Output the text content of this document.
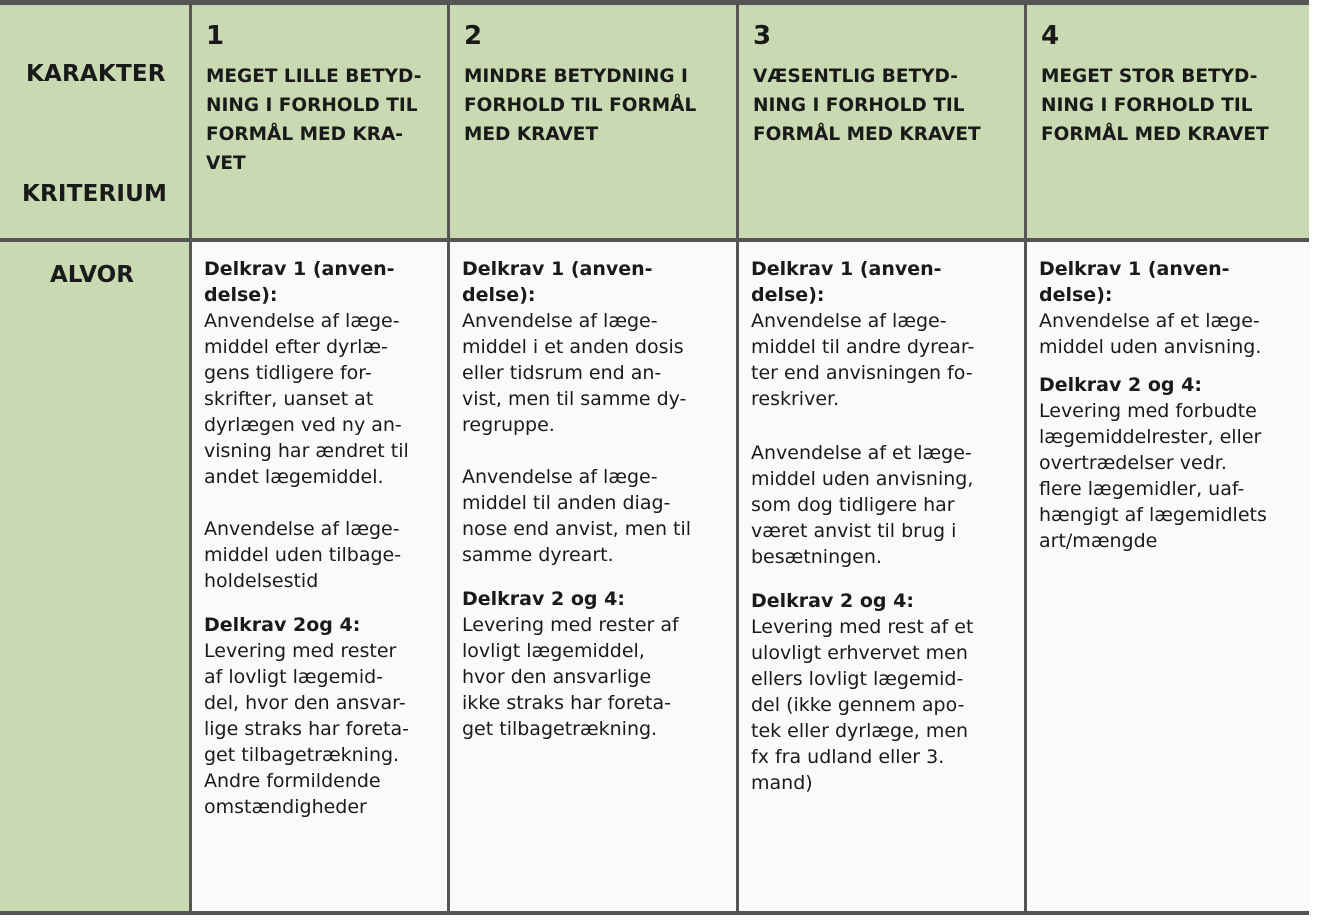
KARAKTER
KRITERIUM
1
MEGET LILLE BETYD-
NING I FORHOLD TIL
FORMÅL MED KRA-
VET
2
MINDRE BETYDNING I
FORHOLD TIL FORMÅL
MED KRAVET
3
VÆSENTLIG BETYD-
NING I FORHOLD TIL
FORMÅL MED KRAVET
4
MEGET STOR BETYD-
NING I FORHOLD TIL
FORMÅL MED KRAVET
ALVOR	Delkrav 1 (anven-
delse):
Anvendelse af læge-
middel efter dyrlæ-
gens tidligere for-
skrifter, uanset at
dyrlægen ved ny an-
visning har ændret til
andet lægemiddel.
Anvendelse af læge-
middel uden tilbage-
holdelsestid
Delkrav 2og 4:
Levering med rester
af lovligt lægemid-
del, hvor den ansvar-
lige straks har foreta-
get tilbagetrækning.
Andre formildende
omstændigheder
Delkrav 1 (anven-
delse):
Anvendelse af læge-
middel i et anden dosis
eller tidsrum end an-
vist, men til samme dy-
regruppe.
Anvendelse af læge-
middel til anden diag-
nose end anvist, men til
samme dyreart.
Delkrav 2 og 4:
Levering med rester af
lovligt lægemiddel,
hvor den ansvarlige
ikke straks har foreta-
get tilbagetrækning.
Delkrav 1 (anven-
delse):
Anvendelse af læge-
middel til andre dyrear-
ter end anvisningen fo-
reskriver.
Anvendelse af et læge-
middel uden anvisning,
som dog tidligere har
været anvist til brug i
besætningen.
Delkrav 2 og 4:
Levering med rest af et
ulovligt erhvervet men
ellers lovligt lægemid-
del (ikke gennem apo-
tek eller dyrlæge, men
fx fra udland eller 3.
mand)
Delkrav 1 (anven-
delse):
Anvendelse af et læge-
middel uden anvisning.
Delkrav 2 og 4:
Levering med forbudte
lægemiddelrester, eller
overtrædelser vedr.
flere lægemidler, uaf-
hængigt af lægemidlets
art/mængde
